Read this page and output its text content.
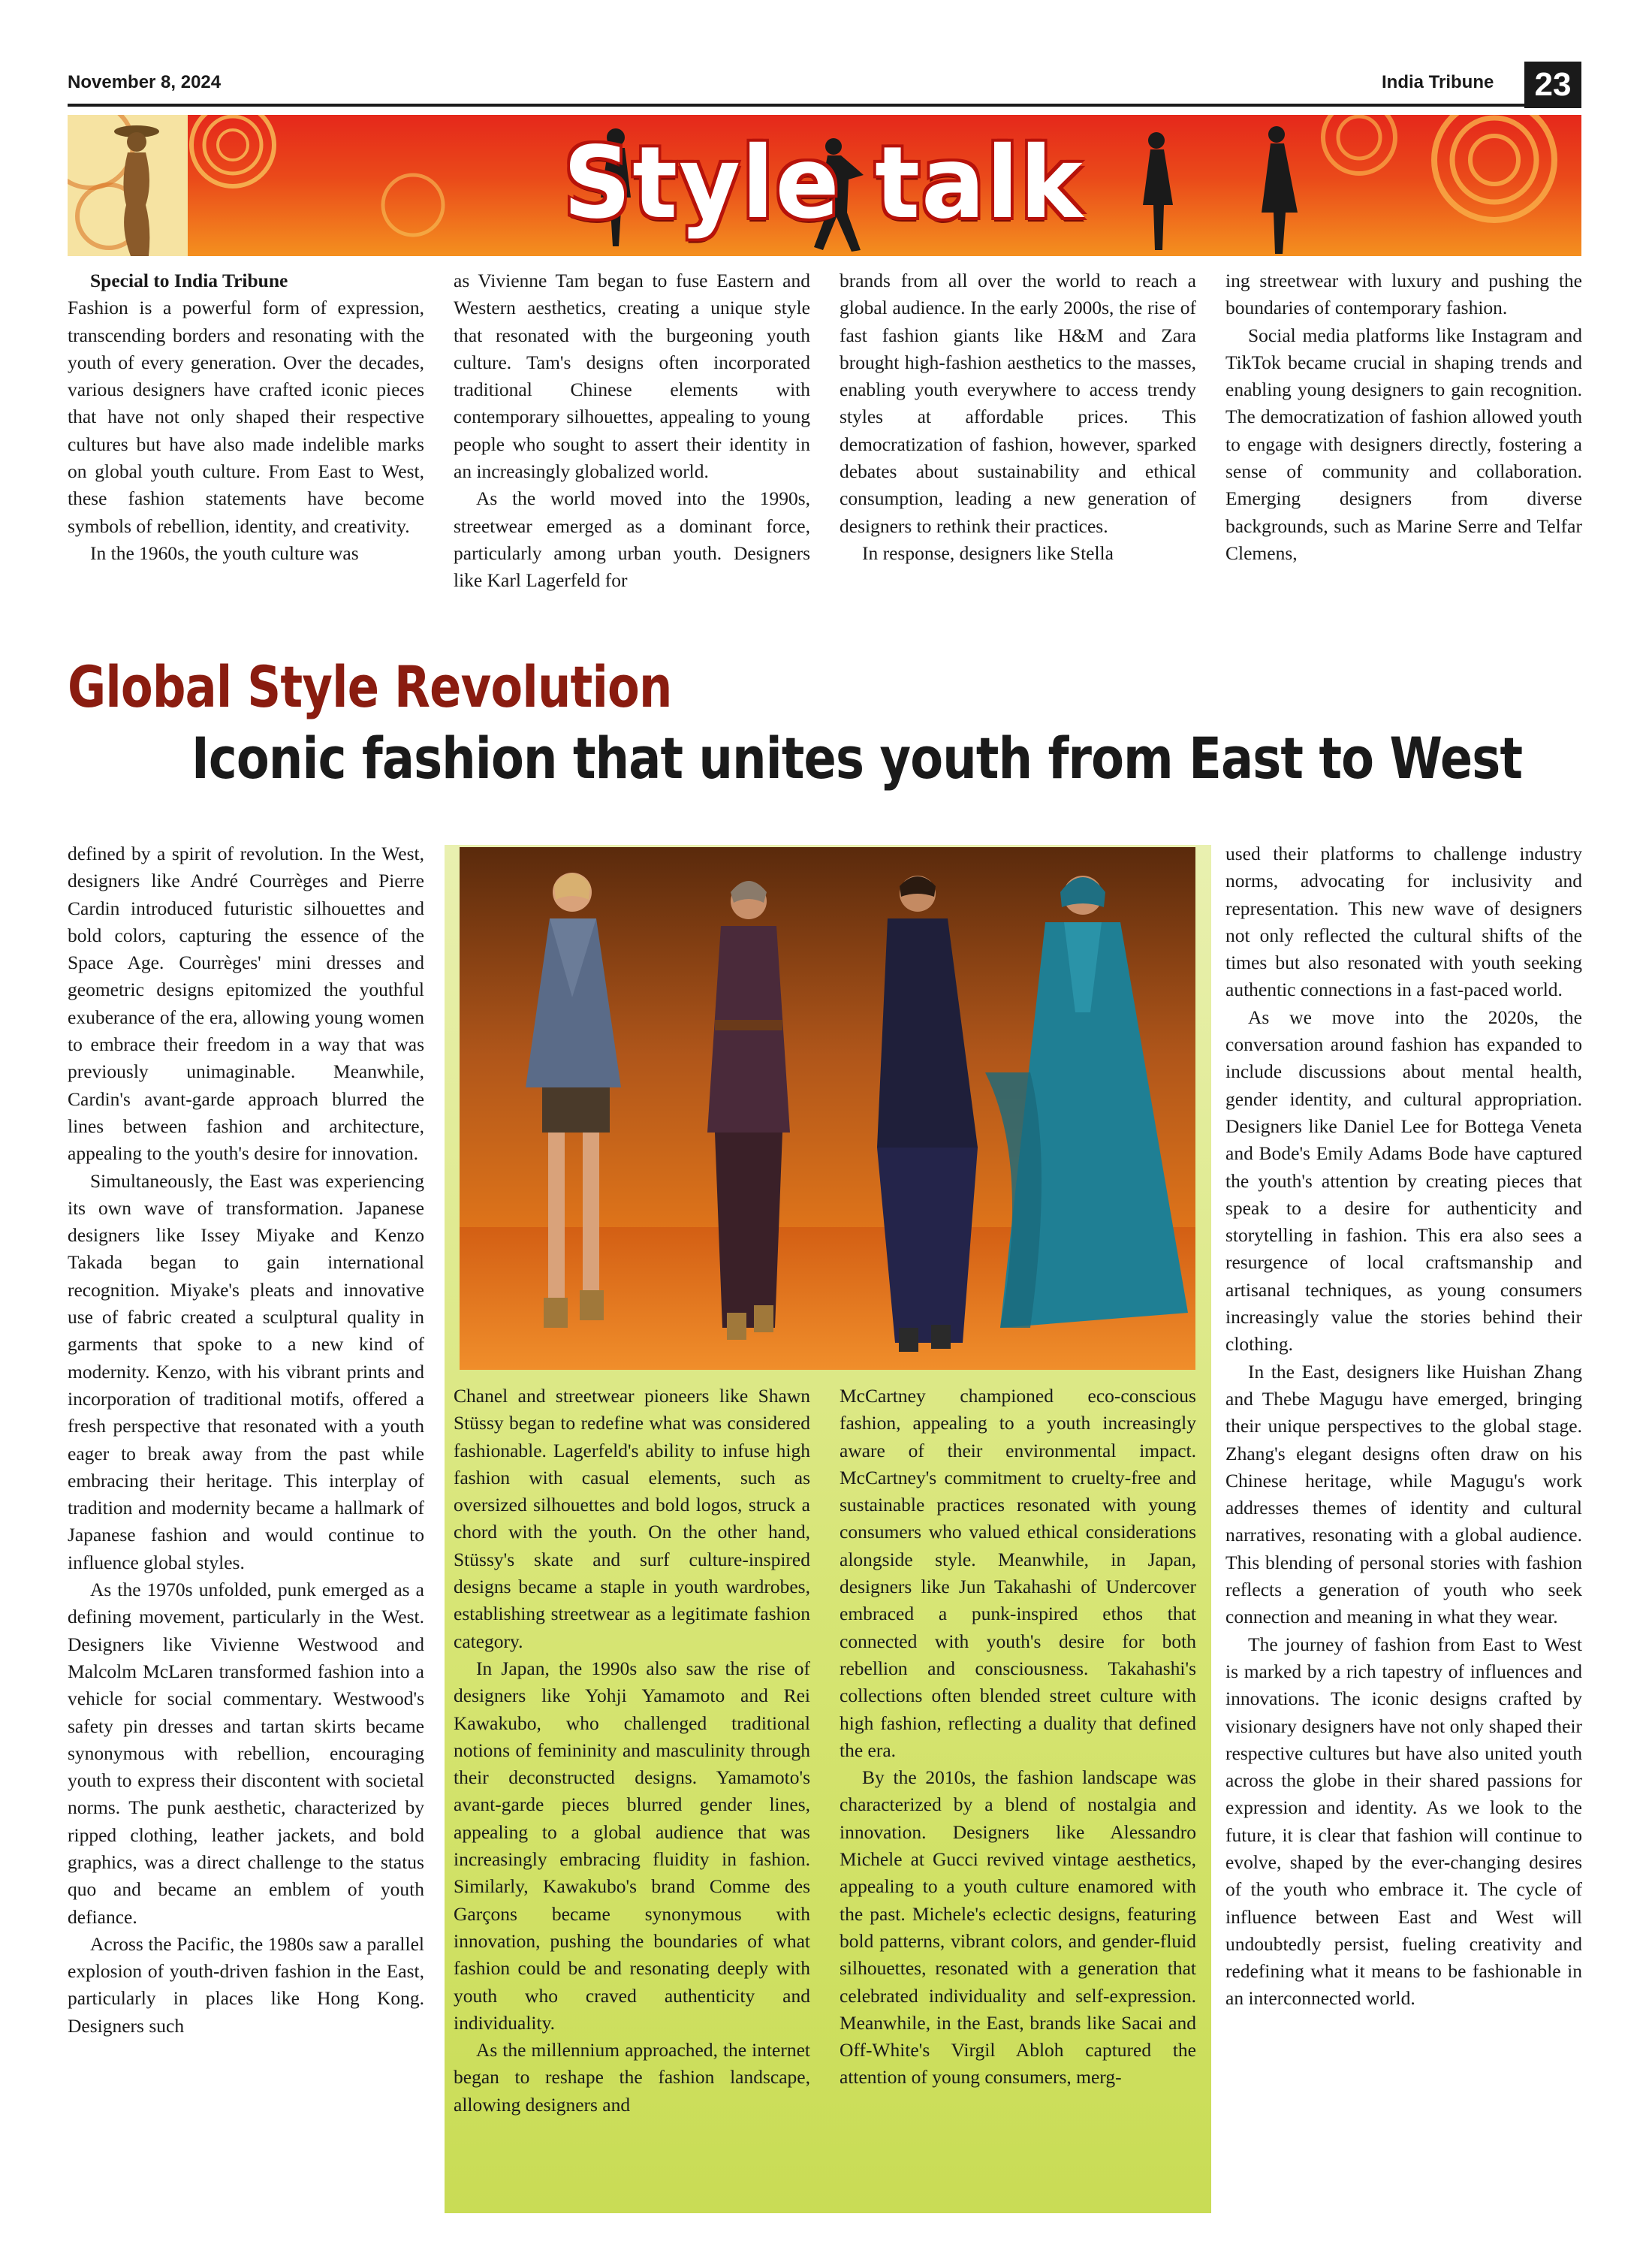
November 8, 2024	India Tribune	23
Style talk

Special to India Tribune

Fashion is a powerful form of expression, transcending borders and resonating with the youth of every generation. Over the decades, various designers have crafted iconic pieces that have not only shaped their respective cultures but have also made indelible marks on global youth culture. From East to West, these fashion statements have become symbols of rebellion, identity, and creativity.

In the 1960s, the youth culture was

as Vivienne Tam began to fuse Eastern and Western aesthetics, creating a unique style that resonated with the burgeoning youth culture. Tam's designs often incorporated traditional Chinese elements with contemporary silhouettes, appealing to young people who sought to assert their identity in an increasingly globalized world.

As the world moved into the 1990s, streetwear emerged as a dominant force, particularly among urban youth. Designers like Karl Lagerfeld for

brands from all over the world to reach a global audience. In the early 2000s, the rise of fast fashion giants like H&M and Zara brought high-fashion aesthetics to the masses, enabling youth everywhere to access trendy styles at affordable prices. This democratization of fashion, however, sparked debates about sustainability and ethical consumption, leading a new generation of designers to rethink their practices.

In response, designers like Stella

ing streetwear with luxury and pushing the boundaries of contemporary fashion.

Social media platforms like Instagram and TikTok became crucial in shaping trends and enabling young designers to gain recognition. The democratization of fashion allowed youth to engage with designers directly, fostering a sense of community and collaboration. Emerging designers from diverse backgrounds, such as Marine Serre and Telfar Clemens,

Global Style Revolution
Iconic fashion that unites youth from East to West

defined by a spirit of revolution. In the West, designers like André Courrèges and Pierre Cardin introduced futuristic silhouettes and bold colors, capturing the essence of the Space Age. Courrèges' mini dresses and geometric designs epitomized the youthful exuberance of the era, allowing young women to embrace their freedom in a way that was previously unimaginable. Meanwhile, Cardin's avant-garde approach blurred the lines between fashion and architecture, appealing to the youth's desire for innovation.

Simultaneously, the East was experiencing its own wave of transformation. Japanese designers like Issey Miyake and Kenzo Takada began to gain international recognition. Miyake's pleats and innovative use of fabric created a sculptural quality in garments that spoke to a new kind of modernity. Kenzo, with his vibrant prints and incorporation of traditional motifs, offered a fresh perspective that resonated with a youth eager to break away from the past while embracing their heritage. This interplay of tradition and modernity became a hallmark of Japanese fashion and would continue to influence global styles.

As the 1970s unfolded, punk emerged as a defining movement, particularly in the West. Designers like Vivienne Westwood and Malcolm McLaren transformed fashion into a vehicle for social commentary. Westwood's safety pin dresses and tartan skirts became synonymous with rebellion, encouraging youth to express their discontent with societal norms. The punk aesthetic, characterized by ripped clothing, leather jackets, and bold graphics, was a direct challenge to the status quo and became an emblem of youth defiance.

Across the Pacific, the 1980s saw a parallel explosion of youth-driven fashion in the East, particularly in places like Hong Kong. Designers such

Chanel and streetwear pioneers like Shawn Stüssy began to redefine what was considered fashionable. Lagerfeld's ability to infuse high fashion with casual elements, such as oversized silhouettes and bold logos, struck a chord with the youth. On the other hand, Stüssy's skate and surf culture-inspired designs became a staple in youth wardrobes, establishing streetwear as a legitimate fashion category.

In Japan, the 1990s also saw the rise of designers like Yohji Yamamoto and Rei Kawakubo, who challenged traditional notions of femininity and masculinity through their deconstructed designs. Yamamoto's avant-garde pieces blurred gender lines, appealing to a global audience that was increasingly embracing fluidity in fashion. Similarly, Kawakubo's brand Comme des Garçons became synonymous with innovation, pushing the boundaries of what fashion could be and resonating deeply with youth who craved authenticity and individuality.

As the millennium approached, the internet began to reshape the fashion landscape, allowing designers and

McCartney championed eco-conscious fashion, appealing to a youth increasingly aware of their environmental impact. McCartney's commitment to cruelty-free and sustainable practices resonated with young consumers who valued ethical considerations alongside style. Meanwhile, in Japan, designers like Jun Takahashi of Undercover embraced a punk-inspired ethos that connected with youth's desire for both rebellion and consciousness. Takahashi's collections often blended street culture with high fashion, reflecting a duality that defined the era.

By the 2010s, the fashion landscape was characterized by a blend of nostalgia and innovation. Designers like Alessandro Michele at Gucci revived vintage aesthetics, appealing to a youth culture enamored with the past. Michele's eclectic designs, featuring bold patterns, vibrant colors, and gender-fluid silhouettes, resonated with a generation that celebrated individuality and self-expression. Meanwhile, in the East, brands like Sacai and Off-White's Virgil Abloh captured the attention of young consumers, merg-

used their platforms to challenge industry norms, advocating for inclusivity and representation. This new wave of designers not only reflected the cultural shifts of the times but also resonated with youth seeking authentic connections in a fast-paced world.

As we move into the 2020s, the conversation around fashion has expanded to include discussions about mental health, gender identity, and cultural appropriation. Designers like Daniel Lee for Bottega Veneta and Bode's Emily Adams Bode have captured the youth's attention by creating pieces that speak to a desire for authenticity and storytelling in fashion. This era also sees a resurgence of local craftsmanship and artisanal techniques, as young consumers increasingly value the stories behind their clothing.

In the East, designers like Huishan Zhang and Thebe Magugu have emerged, bringing their unique perspectives to the global stage. Zhang's elegant designs often draw on his Chinese heritage, while Magugu's work addresses themes of identity and cultural narratives, resonating with a global audience. This blending of personal stories with fashion reflects a generation of youth who seek connection and meaning in what they wear.

The journey of fashion from East to West is marked by a rich tapestry of influences and innovations. The iconic designs crafted by visionary designers have not only shaped their respective cultures but have also united youth across the globe in their shared passions for expression and identity. As we look to the future, it is clear that fashion will continue to evolve, shaped by the ever-changing desires of the youth who embrace it. The cycle of influence between East and West will undoubtedly persist, fueling creativity and redefining what it means to be fashionable in an interconnected world.
